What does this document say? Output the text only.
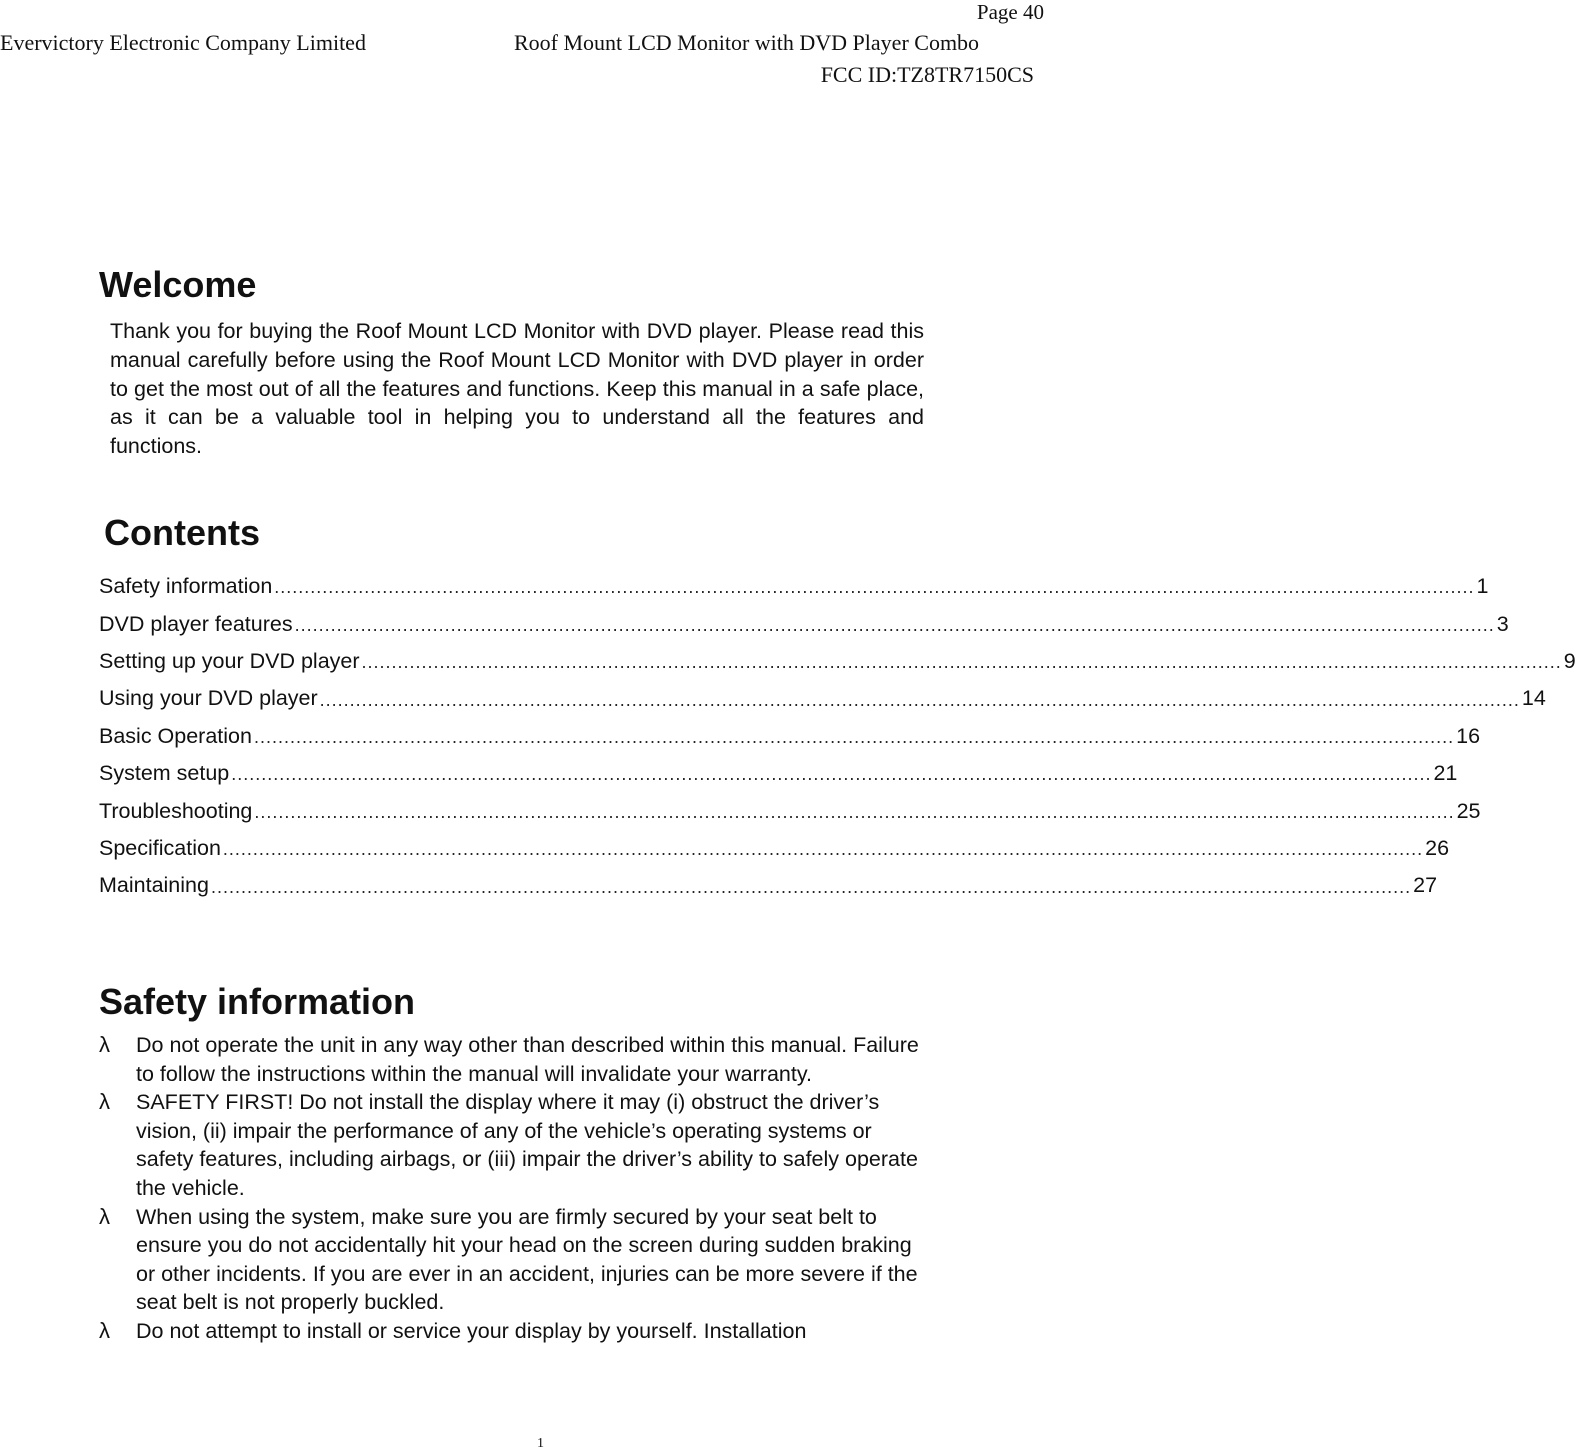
Page 40
Evervictory Electronic Company Limited	Roof Mount LCD Monitor with DVD Player Combo
FCC ID:TZ8TR7150CS
Welcome

Thank you for buying the Roof Mount LCD Monitor with DVD player. Please read this manual carefully before using the Roof Mount LCD Monitor with DVD player in order to get the most out of all the features and functions. Keep this manual in a safe place, as it can be a valuable tool in helping you to understand all the features and functions.

Contents
Safety information ........................................................................................................................................................................................................ 1
DVD player features ........................................................................................................................................................................................................ 3
Setting up your DVD player ........................................................................................................................................................................................................ 9
Using your DVD player ........................................................................................................................................................................................................ 14
Basic Operation ........................................................................................................................................................................................................ 16
System setup ........................................................................................................................................................................................................ 21
Troubleshooting ........................................................................................................................................................................................................ 25
Specification ........................................................................................................................................................................................................ 26
Maintaining ........................................................................................................................................................................................................ 27
Safety information
λ Do not operate the unit in any way other than described within this manual. Failure to follow the instructions within the manual will invalidate your warranty.
λ SAFETY FIRST! Do not install the display where it may (i) obstruct the driver’s vision, (ii) impair the performance of any of the vehicle’s operating systems or safety features, including airbags, or (iii) impair the driver’s ability to safely operate the vehicle.
λ When using the system, make sure you are firmly secured by your seat belt to ensure you do not accidentally hit your head on the screen during sudden braking or other incidents. If you are ever in an accident, injuries can be more severe if the seat belt is not properly buckled.
λ Do not attempt to install or service your display by yourself. Installation
1
